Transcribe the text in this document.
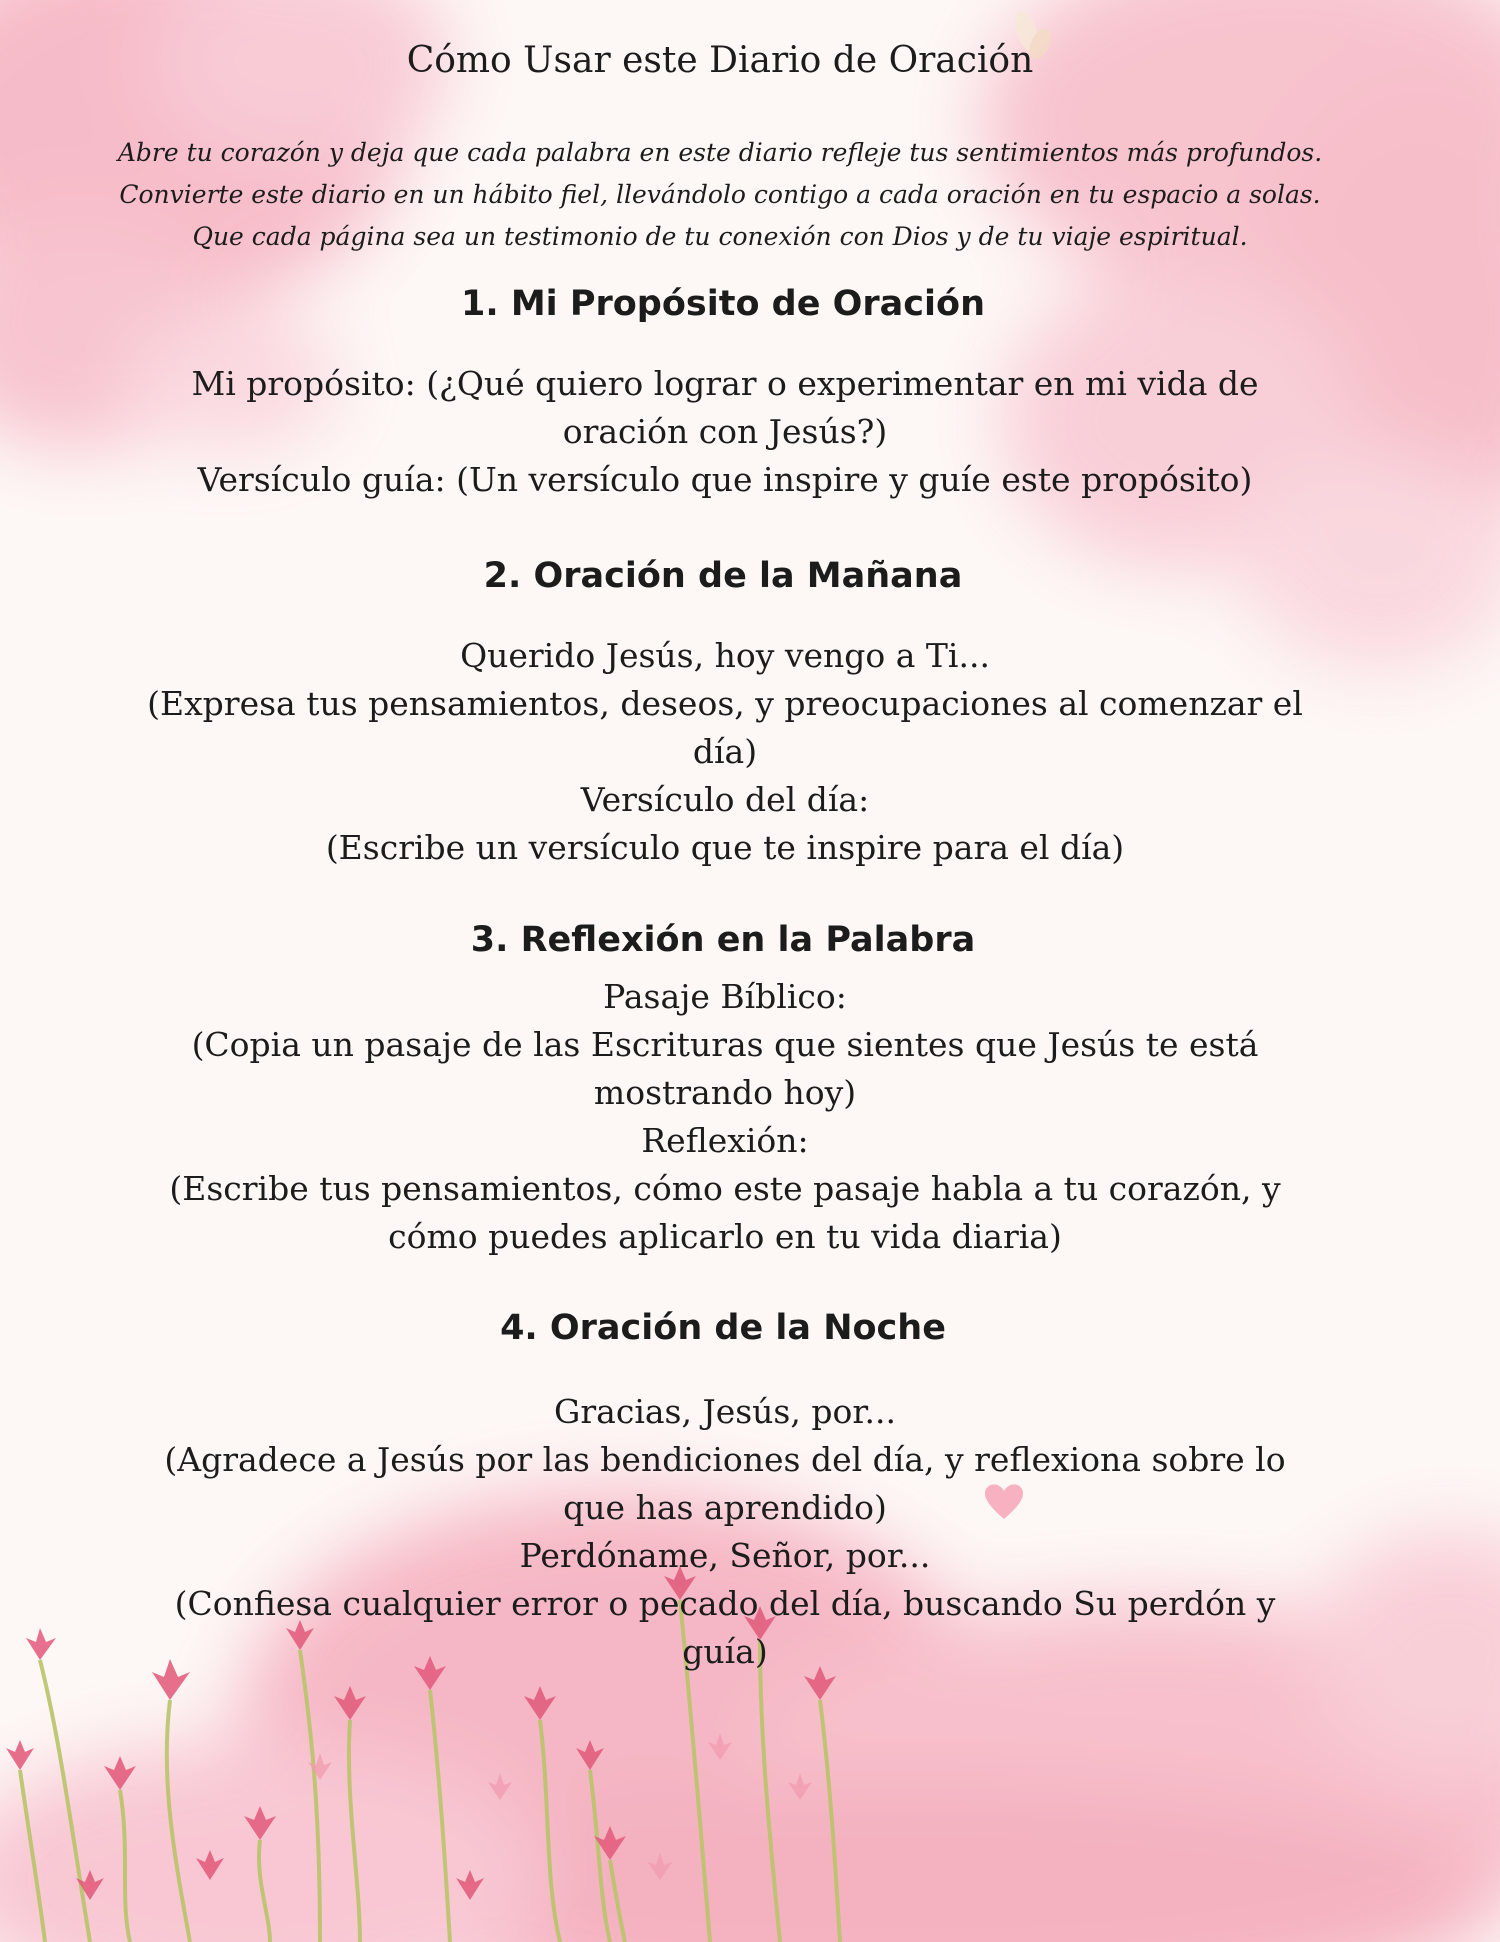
Cómo Usar este Diario de Oración
Abre tu corazón y deja que cada palabra en este diario refleje tus sentimientos más profundos.
Convierte este diario en un hábito fiel, llevándolo contigo a cada oración en tu espacio a solas.
Que cada página sea un testimonio de tu conexión con Dios y de tu viaje espiritual.
1. Mi Propósito de Oración
Mi propósito: (¿Qué quiero lograr o experimentar en mi vida de
oración con Jesús?)
Versículo guía: (Un versículo que inspire y guíe este propósito)
2. Oración de la Mañana
Querido Jesús, hoy vengo a Ti...
(Expresa tus pensamientos, deseos, y preocupaciones al comenzar el
día)
Versículo del día:
(Escribe un versículo que te inspire para el día)
3. Reflexión en la Palabra
Pasaje Bíblico:
(Copia un pasaje de las Escrituras que sientes que Jesús te está
mostrando hoy)
Reflexión:
(Escribe tus pensamientos, cómo este pasaje habla a tu corazón, y
cómo puedes aplicarlo en tu vida diaria)
4. Oración de la Noche
Gracias, Jesús, por...
(Agradece a Jesús por las bendiciones del día, y reflexiona sobre lo
que has aprendido)
Perdóname, Señor, por...
(Confiesa cualquier error o pecado del día, buscando Su perdón y
guía)
